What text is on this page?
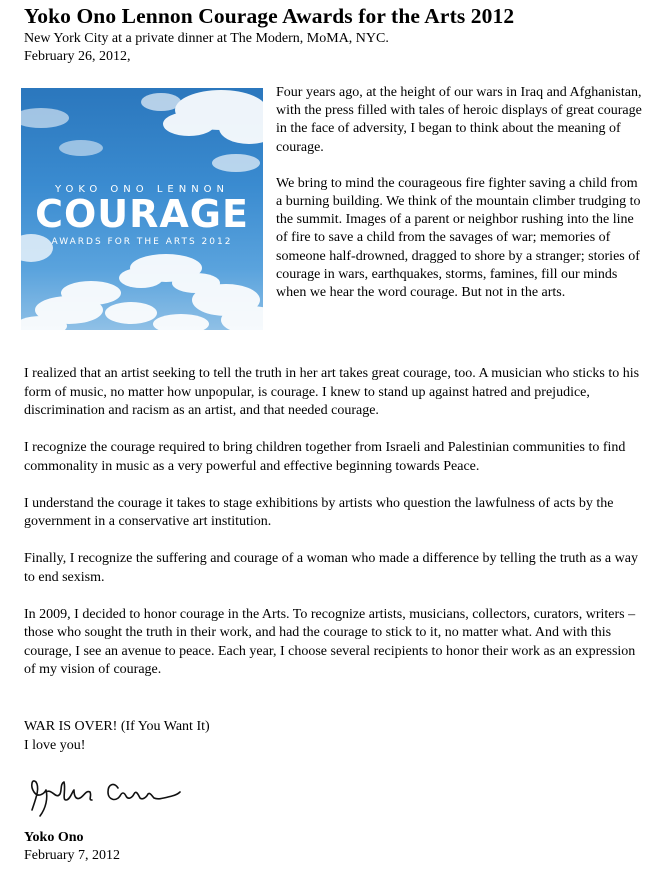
Yoko Ono Lennon Courage Awards for the Arts 2012
New York City at a private dinner at The Modern, MoMA, NYC.
February 26, 2012,
YOKO ONO LENNON
COURAGE
AWARDS FOR THE ARTS 2012

Four years ago, at the height of our wars in Iraq and Afghanistan, with the press filled with tales of heroic displays of great courage in the face of adversity, I began to think about the meaning of courage.

We bring to mind the courageous fire fighter saving a child from a burning building. We think of the mountain climber trudging to the summit. Images of a parent or neighbor rushing into the line of fire to save a child from the savages of war; memories of someone half-drowned, dragged to shore by a stranger; stories of courage in wars, earthquakes, storms, famines, fill our minds when we hear the word courage. But not in the arts.

I realized that an artist seeking to tell the truth in her art takes great courage, too. A musician who sticks to his form of music, no matter how unpopular, is courage. I knew to stand up against hatred and prejudice, discrimination and racism as an artist, and that needed courage.

I recognize the courage required to bring children together from Israeli and Palestinian communities to find commonality in music as a very powerful and effective beginning towards Peace.

I understand the courage it takes to stage exhibitions by artists who question the lawfulness of acts by the government in a conservative art institution.

Finally, I recognize the suffering and courage of a woman who made a difference by telling the truth as a way to end sexism.

In 2009, I decided to honor courage in the Arts. To recognize artists, musicians, collectors, curators, writers – those who sought the truth in their work, and had the courage to stick to it, no matter what. And with this courage, I see an avenue to peace. Each year, I choose several recipients to honor their work as an expression of my vision of courage.

WAR IS OVER! (If You Want It)
I love you!
Yoko Ono
February 7, 2012
